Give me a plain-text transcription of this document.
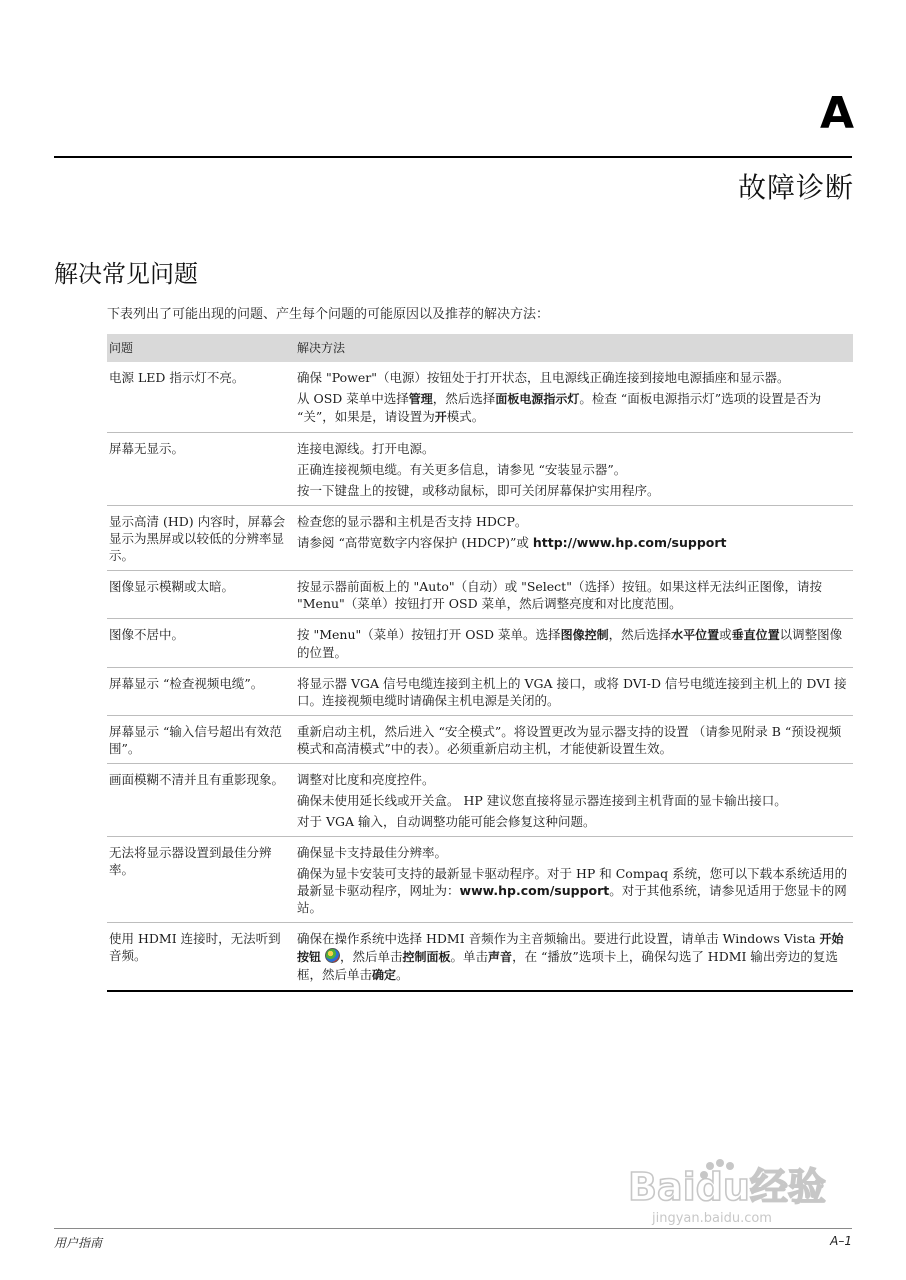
A
故障诊断
解决常见问题
下表列出了可能出现的问题、产生每个问题的可能原因以及推荐的解决方法：
问题	解决方法
电源 LED 指示灯不亮。	确保 "Power"（电源）按钮处于打开状态，且电源线正确连接到接地电源插座和显示器。

从 OSD 菜单中选择管理，然后选择面板电源指示灯。检查 “面板电源指示灯”选项的设置是否为 “关”，如果是，请设置为开模式。

屏幕无显示。	连接电源线。打开电源。

正确连接视频电缆。有关更多信息，请参见 “安装显示器”。

按一下键盘上的按键，或移动鼠标，即可关闭屏幕保护实用程序。

显示高清 (HD) 内容时，屏幕会显示为黑屏或以较低的分辨率显示。	检查您的显示器和主机是否支持 HDCP。

请参阅 “高带宽数字内容保护 (HDCP)”或 http://www.hp.com/support

图像显示模糊或太暗。	按显示器前面板上的 "Auto"（自动）或 "Select"（选择）按钮。如果这样无法纠正图像，请按 "Menu"（菜单）按钮打开 OSD 菜单，然后调整亮度和对比度范围。

图像不居中。	按 "Menu"（菜单）按钮打开 OSD 菜单。选择图像控制，然后选择水平位置或垂直位置以调整图像的位置。

屏幕显示 “检查视频电缆”。	将显示器 VGA 信号电缆连接到主机上的 VGA 接口，或将 DVI-D 信号电缆连接到主机上的 DVI 接口。连接视频电缆时请确保主机电源是关闭的。

屏幕显示 “输入信号超出有效范围”。	重新启动主机，然后进入 “安全模式”。将设置更改为显示器支持的设置 （请参见附录 B “预设视频模式和高清模式”中的表）。必须重新启动主机，才能使新设置生效。

画面模糊不清并且有重影现象。	调整对比度和亮度控件。

确保未使用延长线或开关盒。 HP 建议您直接将显示器连接到主机背面的显卡输出接口。

对于 VGA 输入，自动调整功能可能会修复这种问题。

无法将显示器设置到最佳分辨率。	确保显卡支持最佳分辨率。

确保为显卡安装可支持的最新显卡驱动程序。对于 HP 和 Compaq 系统，您可以下载本系统适用的最新显卡驱动程序，网址为：www.hp.com/support。对于其他系统，请参见适用于您显卡的网站。

使用 HDMI 连接时，无法听到音频。	确保在操作系统中选择 HDMI 音频作为主音频输出。要进行此设置，请单击 Windows Vista 开始按钮 ，然后单击控制面板。单击声音，在 “播放”选项卡上，确保勾选了 HDMI 输出旁边的复选框，然后单击确定。

Baidu经验
jingyan.baidu.com
用户指南	A–1
